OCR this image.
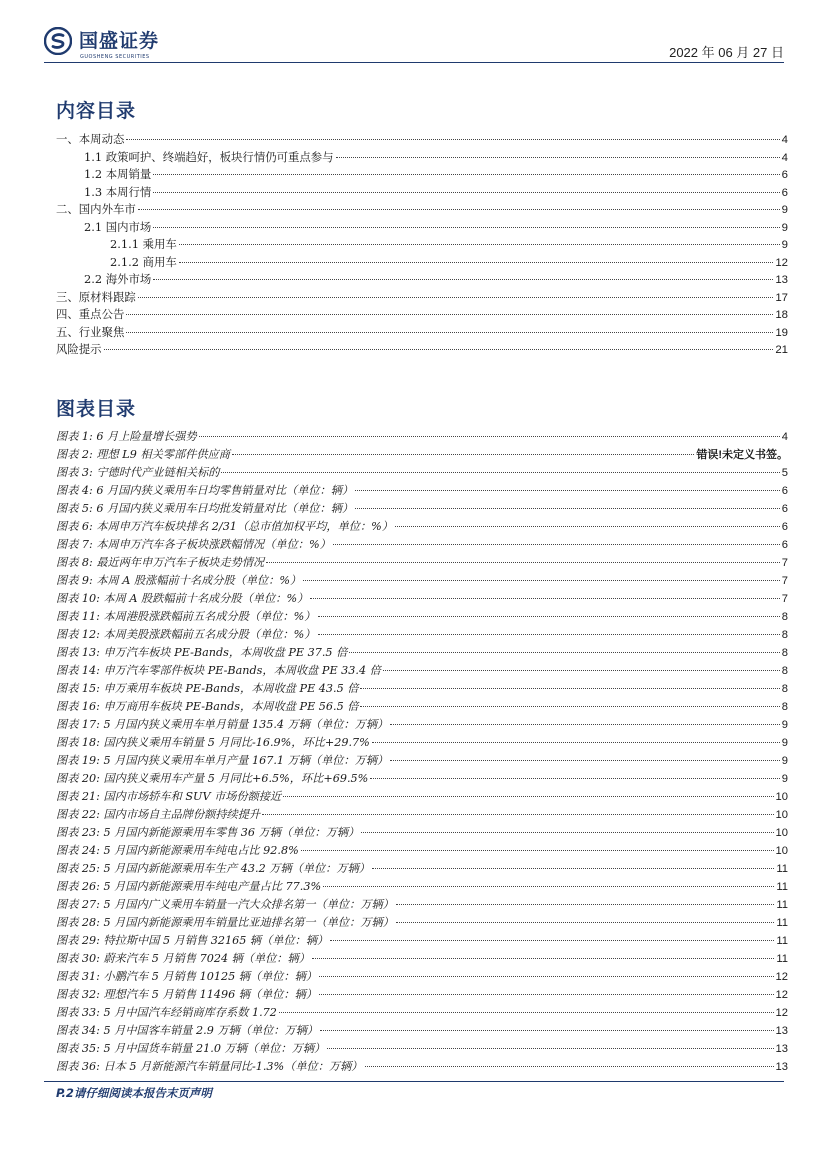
国盛证券
GUOSHENG SECURITIES	2022 年 06 月 27 日
内容目录
一、本周动态	4
1.1 政策呵护、终端趋好，板块行情仍可重点参与	4
1.2 本周销量	6
1.3 本周行情	6
二、国内外车市	9
2.1 国内市场	9
2.1.1 乘用车	9
2.1.2 商用车	12
2.2 海外市场	13
三、原材料跟踪	17
四、重点公告	18
五、行业聚焦	19
风险提示	21
图表目录
图表 1: 6 月上险量增长强势	4
图表 2: 理想 L9 相关零部件供应商	错误!未定义书签。
图表 3: 宁德时代产业链相关标的	5
图表 4: 6 月国内狭义乘用车日均零售销量对比（单位：辆）	6
图表 5: 6 月国内狭义乘用车日均批发销量对比（单位：辆）	6
图表 6: 本周申万汽车板块排名 2/31（总市值加权平均，单位：%）	6
图表 7: 本周申万汽车各子板块涨跌幅情况（单位：%）	6
图表 8: 最近两年申万汽车子板块走势情况	7
图表 9: 本周 A 股涨幅前十名成分股（单位：%）	7
图表 10: 本周 A 股跌幅前十名成分股（单位：%）	7
图表 11: 本周港股涨跌幅前五名成分股（单位：%）	8
图表 12: 本周美股涨跌幅前五名成分股（单位：%）	8
图表 13: 申万汽车板块 PE-Bands，本周收盘 PE 37.5 倍	8
图表 14: 申万汽车零部件板块 PE-Bands，本周收盘 PE 33.4 倍	8
图表 15: 申万乘用车板块 PE-Bands，本周收盘 PE 43.5 倍	8
图表 16: 申万商用车板块 PE-Bands，本周收盘 PE 56.5 倍	8
图表 17: 5 月国内狭义乘用车单月销量 135.4 万辆（单位：万辆）	9
图表 18: 国内狭义乘用车销量 5 月同比-16.9%，环比+29.7%	9
图表 19: 5 月国内狭义乘用车单月产量 167.1 万辆（单位：万辆）	9
图表 20: 国内狭义乘用车产量 5 月同比+6.5%，环比+69.5%	9
图表 21: 国内市场轿车和 SUV 市场份额接近	10
图表 22: 国内市场自主品牌份额持续提升	10
图表 23: 5 月国内新能源乘用车零售 36 万辆（单位：万辆）	10
图表 24: 5 月国内新能源乘用车纯电占比 92.8%	10
图表 25: 5 月国内新能源乘用车生产 43.2 万辆（单位：万辆）	11
图表 26: 5 月国内新能源乘用车纯电产量占比 77.3%	11
图表 27: 5 月国内广义乘用车销量一汽大众排名第一（单位：万辆）	11
图表 28: 5 月国内新能源乘用车销量比亚迪排名第一（单位：万辆）	11
图表 29: 特拉斯中国 5 月销售 32165 辆（单位：辆）	11
图表 30: 蔚来汽车 5 月销售 7024 辆（单位：辆）	11
图表 31: 小鹏汽车 5 月销售 10125 辆（单位：辆）	12
图表 32: 理想汽车 5 月销售 11496 辆（单位：辆）	12
图表 33: 5 月中国汽车经销商库存系数 1.72	12
图表 34: 5 月中国客车销量 2.9 万辆（单位：万辆）	13
图表 35: 5 月中国货车销量 21.0 万辆（单位：万辆）	13
图表 36: 日本 5 月新能源汽车销量同比-1.3%（单位：万辆）	13
P.2请仔细阅读本报告末页声明
